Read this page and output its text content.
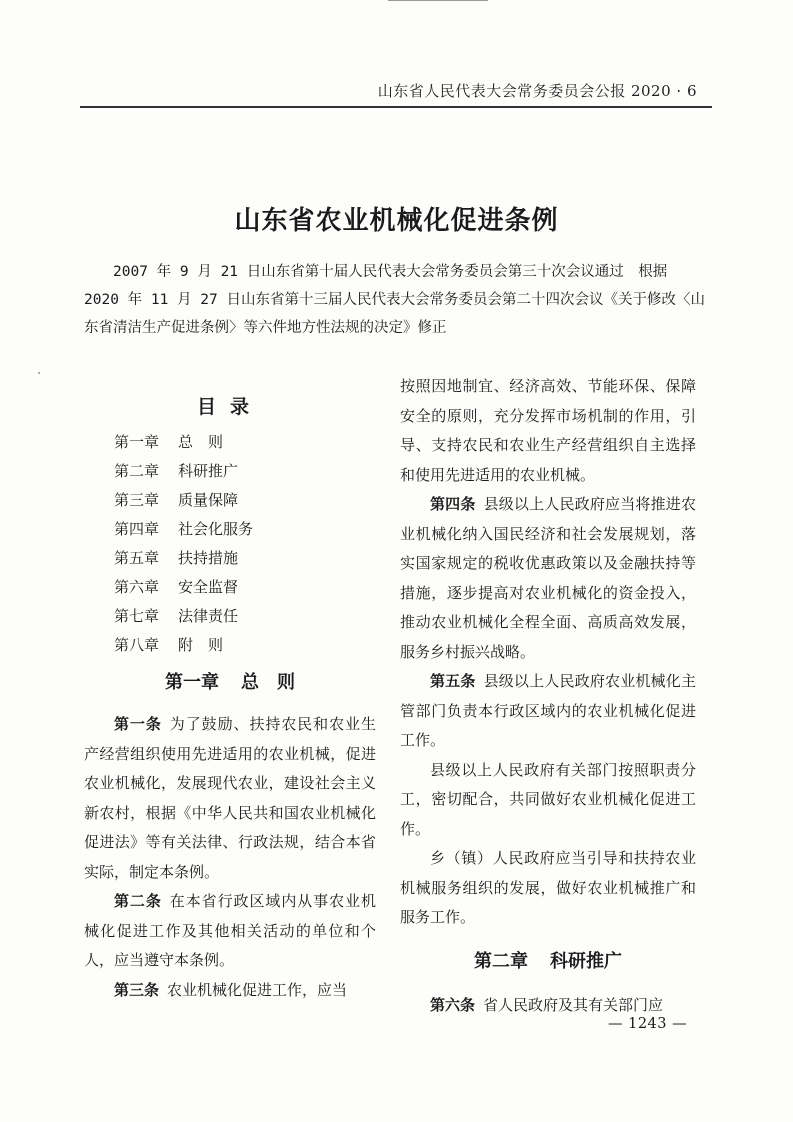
山东省人民代表大会常务委员会公报 2020 · 6
山东省农业机械化促进条例

2007 年 9 月 21 日山东省第十届人民代表大会常务委员会第三十次会议通过　根据 2020 年 11 月 27 日山东省第十三届人民代表大会常务委员会第二十四次会议《关于修改〈山东省清洁生产促进条例〉等六件地方性法规的决定》修正

目录
第一章 总　则
第二章 科研推广
第三章 质量保障
第四章 社会化服务
第五章 扶持措施
第六章 安全监督
第七章 法律责任
第八章 附　则
第一章 总　则

第一条 为了鼓励、扶持农民和农业生产经营组织使用先进适用的农业机械，促进农业机械化，发展现代农业，建设社会主义新农村，根据《中华人民共和国农业机械化促进法》等有关法律、行政法规，结合本省实际，制定本条例。

第二条 在本省行政区域内从事农业机械化促进工作及其他相关活动的单位和个人，应当遵守本条例。

第三条 农业机械化促进工作，应当

按照因地制宜、经济高效、节能环保、保障安全的原则，充分发挥市场机制的作用，引导、支持农民和农业生产经营组织自主选择和使用先进适用的农业机械。

第四条 县级以上人民政府应当将推进农业机械化纳入国民经济和社会发展规划，落实国家规定的税收优惠政策以及金融扶持等措施，逐步提高对农业机械化的资金投入，推动农业机械化全程全面、高质高效发展，服务乡村振兴战略。

第五条 县级以上人民政府农业机械化主管部门负责本行政区域内的农业机械化促进工作。

县级以上人民政府有关部门按照职责分工，密切配合，共同做好农业机械化促进工作。

乡（镇）人民政府应当引导和扶持农业机械服务组织的发展，做好农业机械推广和服务工作。

第二章 科研推广

第六条 省人民政府及其有关部门应

— 1243 —
